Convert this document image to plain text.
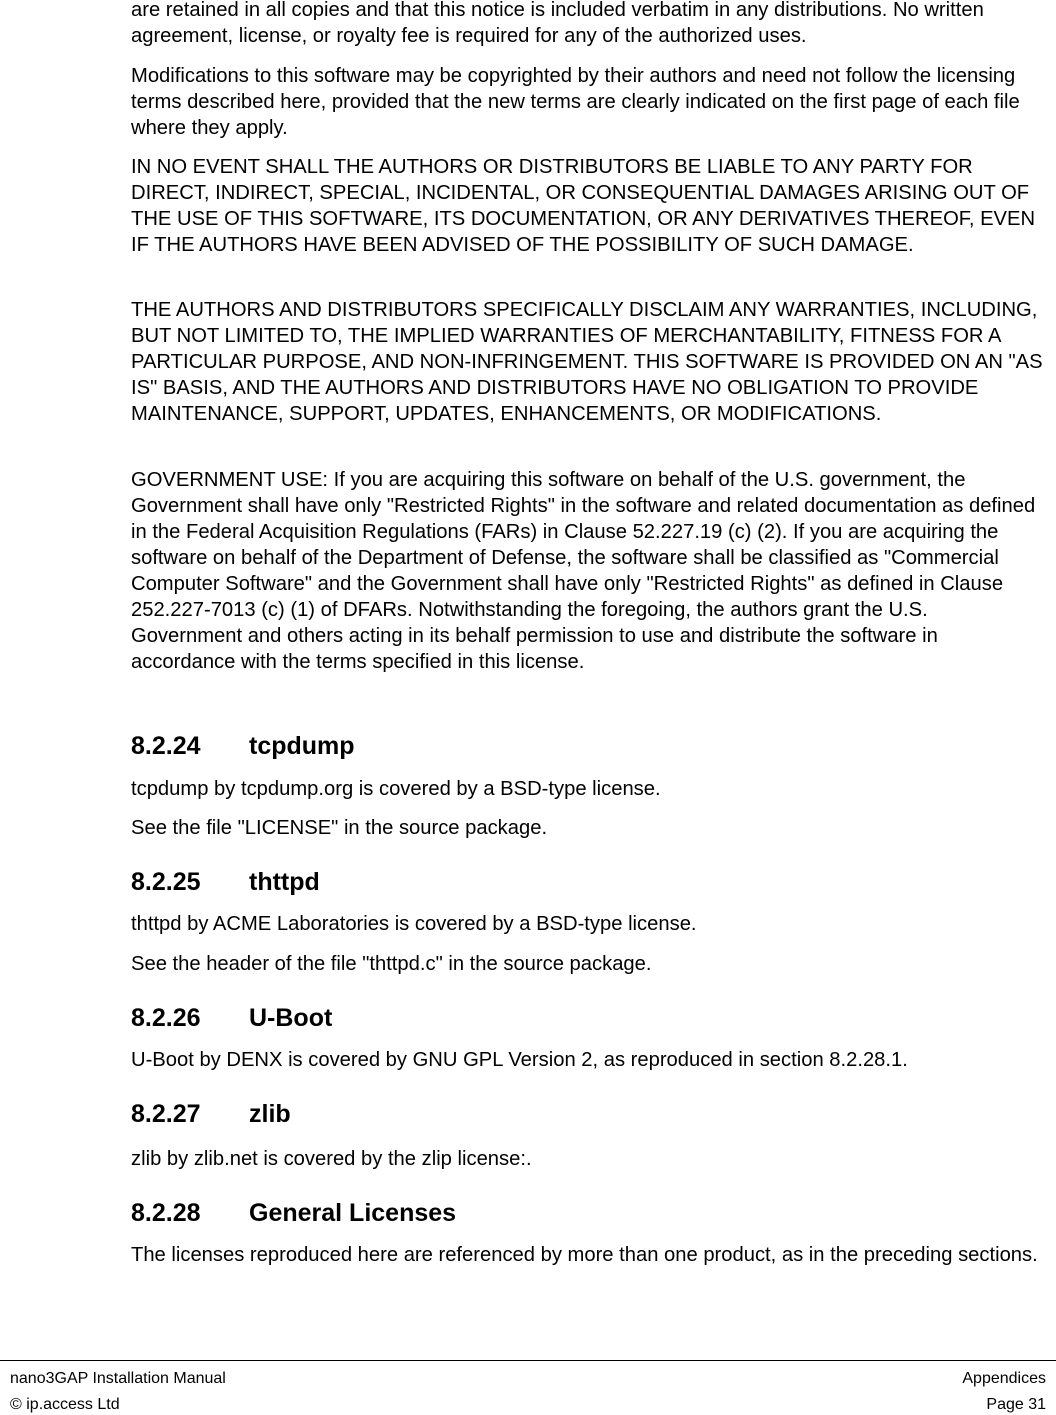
are retained in all copies and that this notice is included verbatim in any distributions. No written agreement, license, or royalty fee is required for any of the authorized uses.

Modifications to this software may be copyrighted by their authors and need not follow the licensing terms described here, provided that the new terms are clearly indicated on the first page of each file where they apply.

IN NO EVENT SHALL THE AUTHORS OR DISTRIBUTORS BE LIABLE TO ANY PARTY FOR DIRECT, INDIRECT, SPECIAL, INCIDENTAL, OR CONSEQUENTIAL DAMAGES ARISING OUT OF THE USE OF THIS SOFTWARE, ITS DOCUMENTATION, OR ANY DERIVATIVES THEREOF, EVEN IF THE AUTHORS HAVE BEEN ADVISED OF THE POSSIBILITY OF SUCH DAMAGE.

THE AUTHORS AND DISTRIBUTORS SPECIFICALLY DISCLAIM ANY WARRANTIES, INCLUDING, BUT NOT LIMITED TO, THE IMPLIED WARRANTIES OF MERCHANTABILITY, FITNESS FOR A PARTICULAR PURPOSE, AND NON-INFRINGEMENT. THIS SOFTWARE IS PROVIDED ON AN "AS IS" BASIS, AND THE AUTHORS AND DISTRIBUTORS HAVE NO OBLIGATION TO PROVIDE MAINTENANCE, SUPPORT, UPDATES, ENHANCEMENTS, OR MODIFICATIONS.

GOVERNMENT USE: If you are acquiring this software on behalf of the U.S. government, the Government shall have only "Restricted Rights" in the software and related documentation as defined in the Federal Acquisition Regulations (FARs) in Clause 52.227.19 (c) (2). If you are acquiring the software on behalf of the Department of Defense, the software shall be classified as "Commercial Computer Software" and the Government shall have only "Restricted Rights" as defined in Clause 252.227-7013 (c) (1) of DFARs. Notwithstanding the foregoing, the authors grant the U.S. Government and others acting in its behalf permission to use and distribute the software in accordance with the terms specified in this license.

8.2.24 tcpdump

tcpdump by tcpdump.org is covered by a BSD-type license.

See the file "LICENSE" in the source package.

8.2.25 thttpd

thttpd by ACME Laboratories is covered by a BSD-type license.

See the header of the file "thttpd.c" in the source package.

8.2.26 U-Boot

U-Boot by DENX is covered by GNU GPL Version 2, as reproduced in section 8.2.28.1.

8.2.27 zlib

zlib by zlib.net is covered by the zlip license:.

8.2.28 General Licenses

The licenses reproduced here are referenced by more than one product, as in the preceding sections.

nano3GAP Installation Manual
© ip.access Ltd
Appendices
Page 31
